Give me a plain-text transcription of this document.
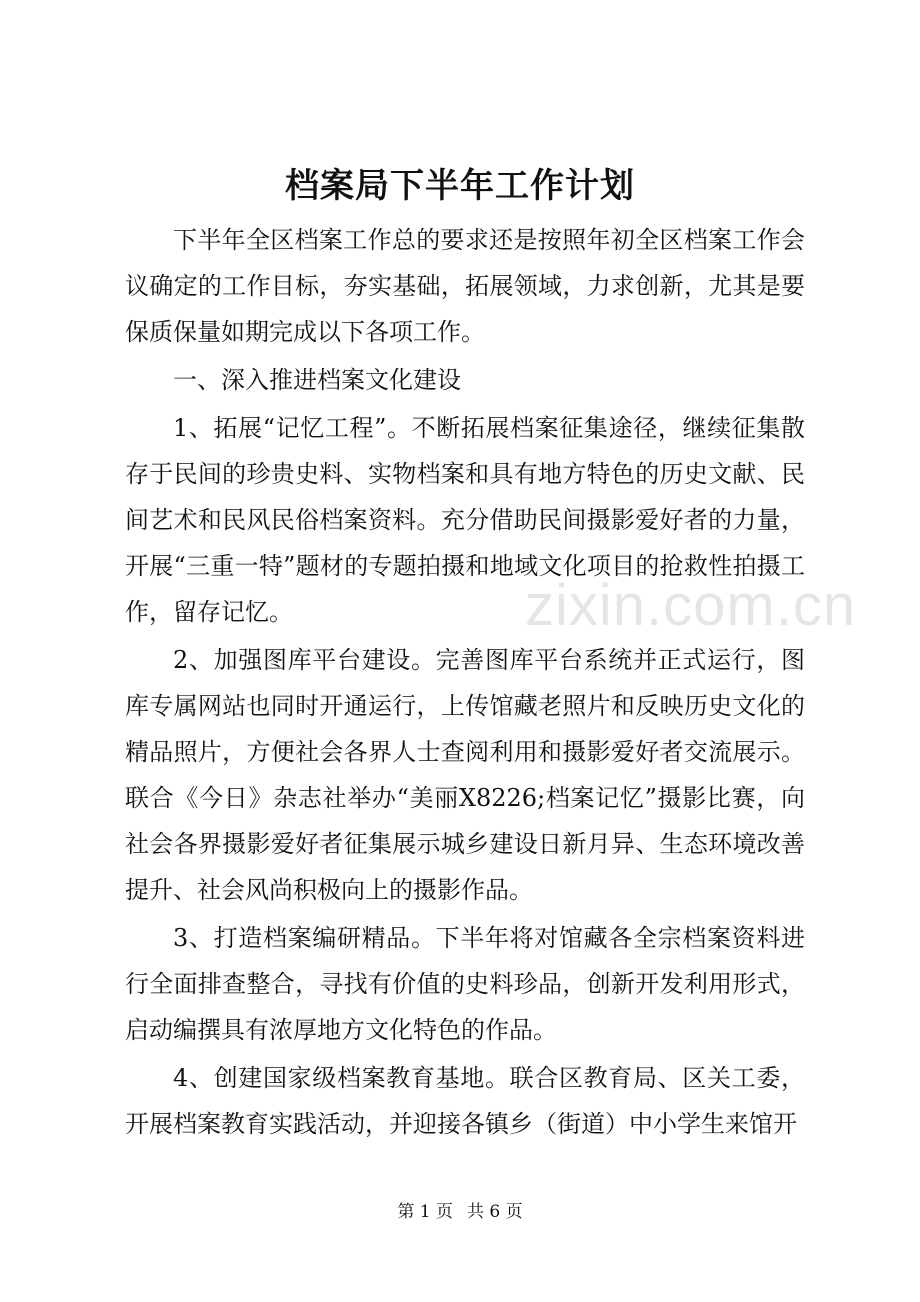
档案局下半年工作计划

下半年全区档案工作总的要求还是按照年初全区档案工作会议确定的工作目标，夯实基础，拓展领域，力求创新，尤其是要保质保量如期完成以下各项工作。

一、深入推进档案文化建设

1、拓展“记忆工程”。不断拓展档案征集途径，继续征集散存于民间的珍贵史料、实物档案和具有地方特色的历史文献、民间艺术和民风民俗档案资料。充分借助民间摄影爱好者的力量，开展“三重一特”题材的专题拍摄和地域文化项目的抢救性拍摄工作，留存记忆。

2、加强图库平台建设。完善图库平台系统并正式运行，图库专属网站也同时开通运行，上传馆藏老照片和反映历史文化的精品照片，方便社会各界人士查阅利用和摄影爱好者交流展示。联合《今日》杂志社举办“美丽X8226;档案记忆”摄影比赛，向社会各界摄影爱好者征集展示城乡建设日新月异、生态环境改善提升、社会风尚积极向上的摄影作品。

3、打造档案编研精品。下半年将对馆藏各全宗档案资料进行全面排查整合，寻找有价值的史料珍品，创新开发利用形式，启动编撰具有浓厚地方文化特色的作品。

4、创建国家级档案教育基地。联合区教育局、区关工委，开展档案教育实践活动，并迎接各镇乡（街道）中小学生来馆开

zixin.com.cn
第 1 页 共 6 页
